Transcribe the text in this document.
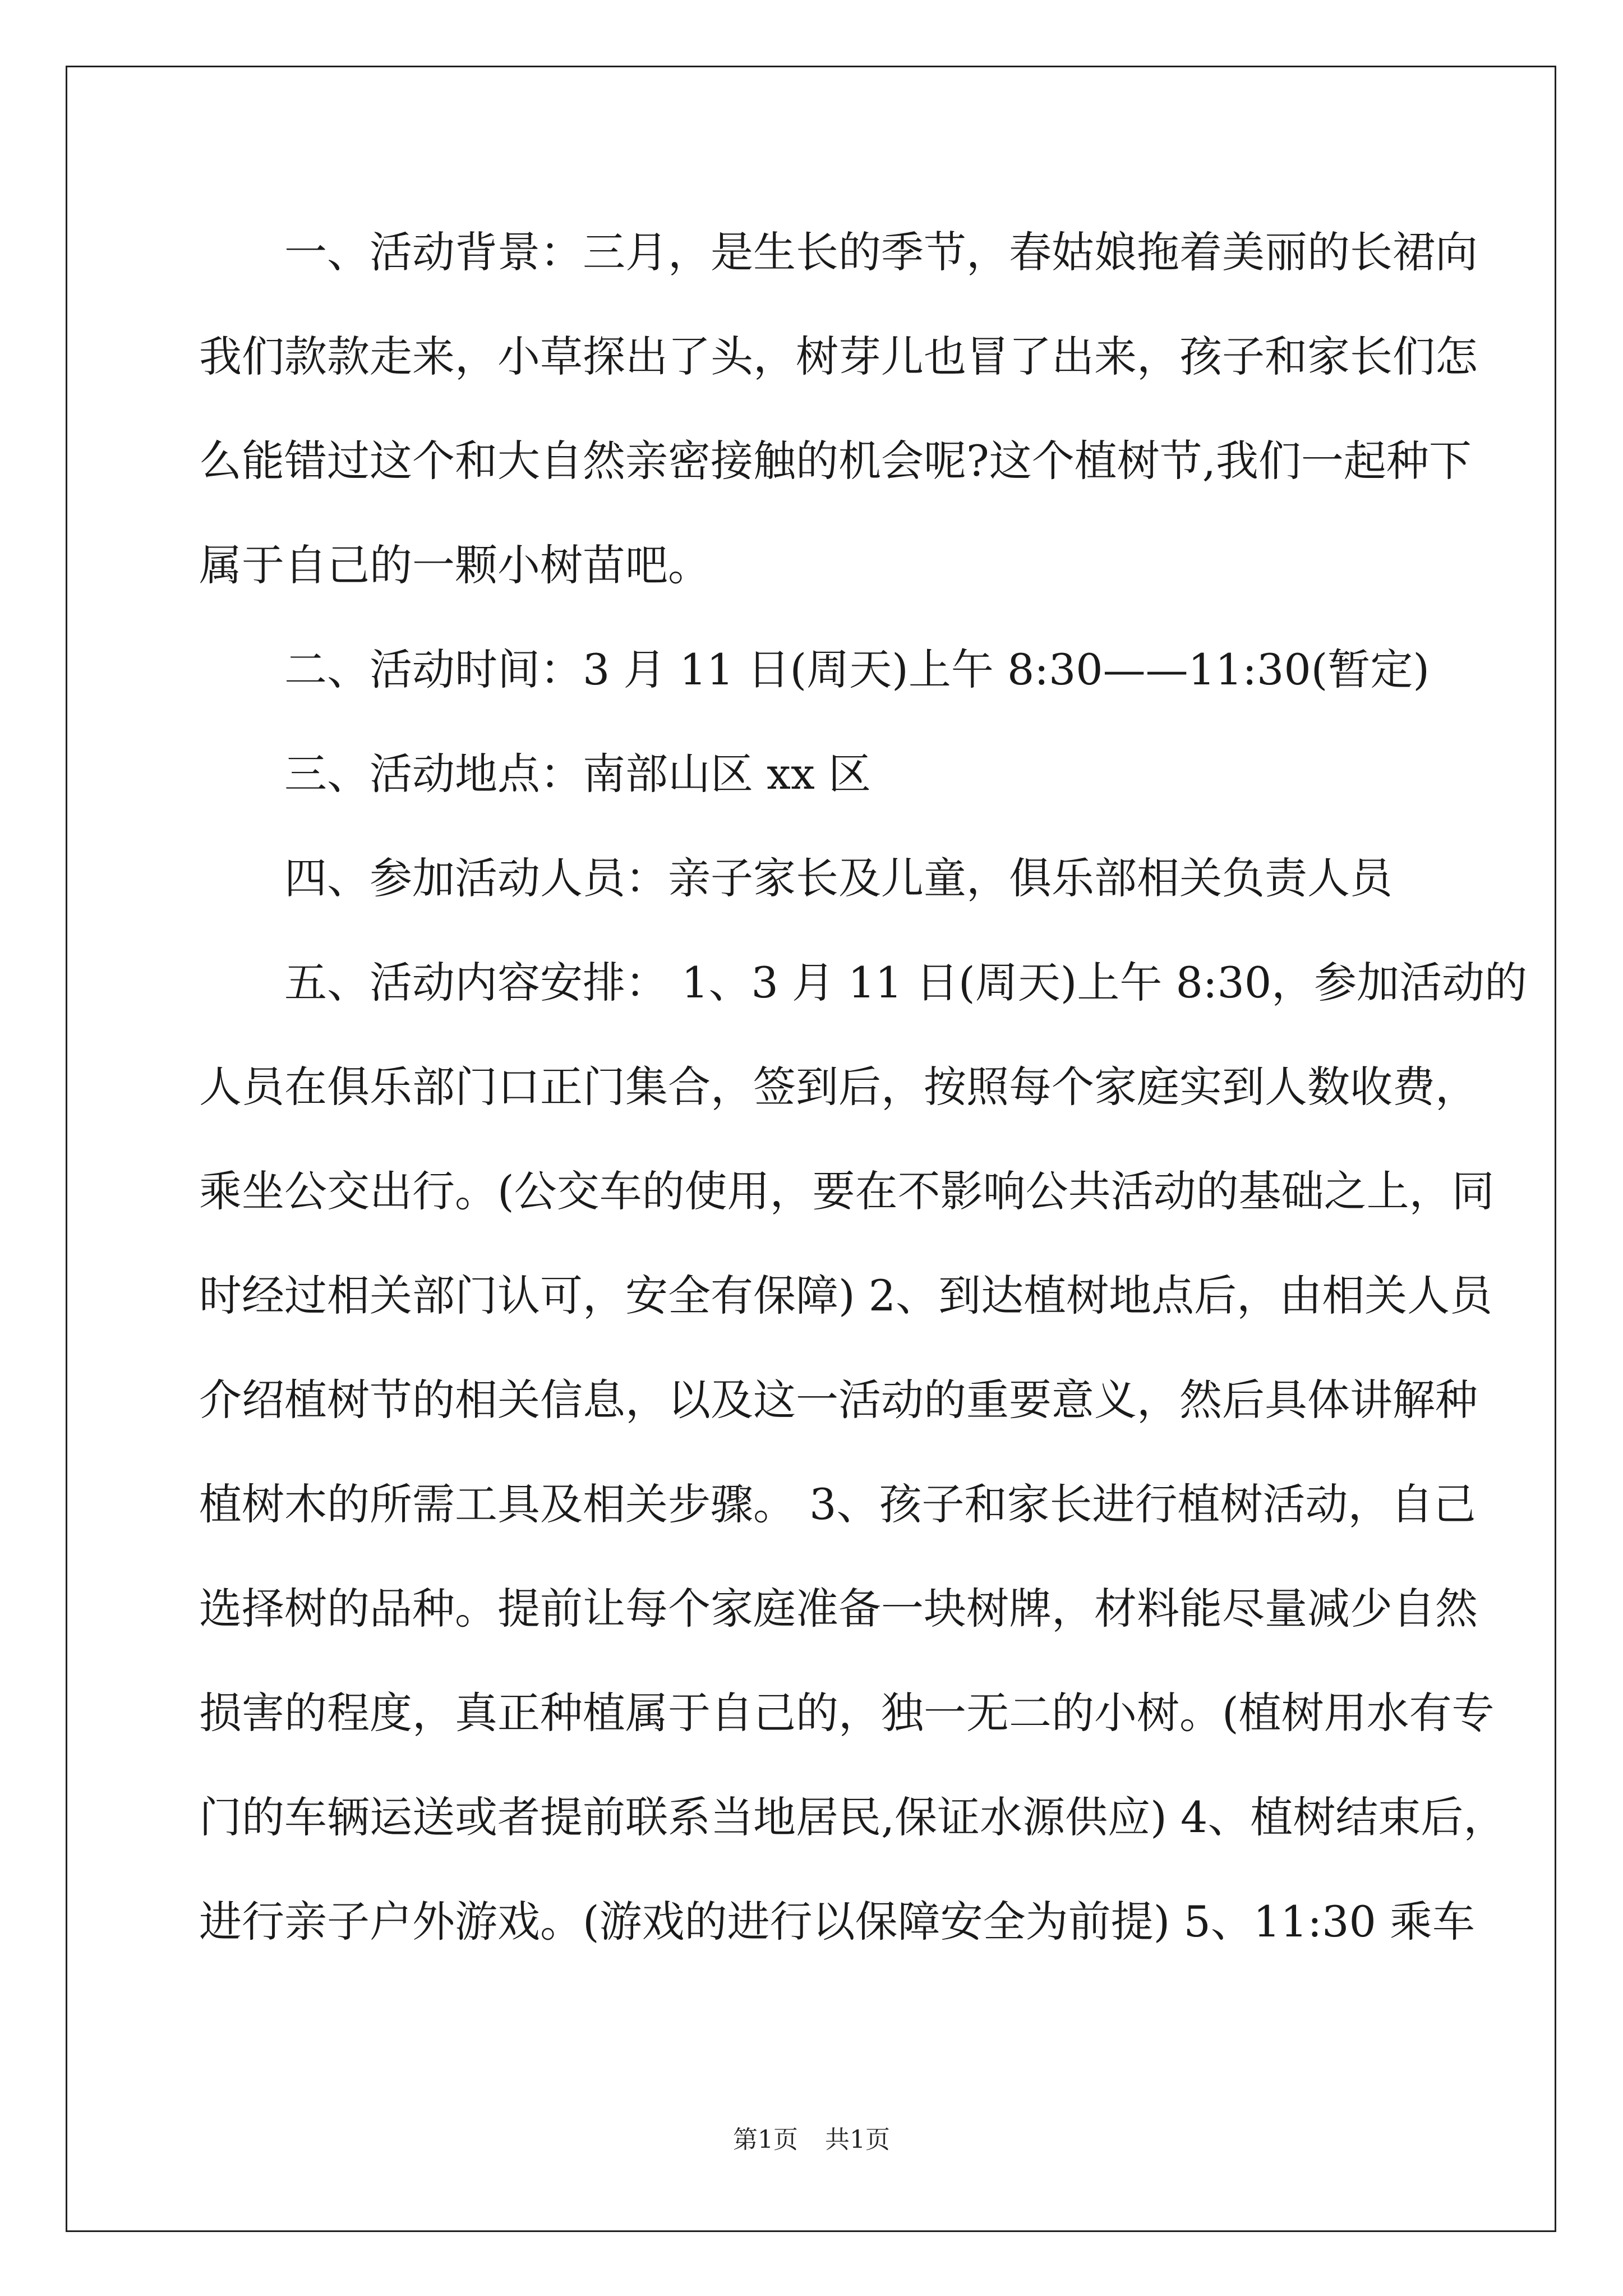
　　一、活动背景：三月，是生长的季节，春姑娘拖着美丽的长裙向
我们款款走来，小草探出了头，树芽儿也冒了出来，孩子和家长们怎
么能错过这个和大自然亲密接触的机会呢?这个植树节,我们一起种下
属于自己的一颗小树苗吧。
　　二、活动时间：3 月 11 日(周天)上午 8:30——11:30(暂定)
　　三、活动地点：南部山区 xx 区
　　四、参加活动人员：亲子家长及儿童，俱乐部相关负责人员
　　五、活动内容安排： 1、3 月 11 日(周天)上午 8:30，参加活动的
人员在俱乐部门口正门集合，签到后，按照每个家庭实到人数收费，
乘坐公交出行。(公交车的使用，要在不影响公共活动的基础之上，同
时经过相关部门认可，安全有保障) 2、到达植树地点后，由相关人员
介绍植树节的相关信息，以及这一活动的重要意义，然后具体讲解种
植树木的所需工具及相关步骤。 3、孩子和家长进行植树活动，自己
选择树的品种。提前让每个家庭准备一块树牌，材料能尽量减少自然
损害的程度，真正种植属于自己的，独一无二的小树。(植树用水有专
门的车辆运送或者提前联系当地居民,保证水源供应) 4、植树结束后，
进行亲子户外游戏。(游戏的进行以保障安全为前提) 5、11:30 乘车
第1页 共1页
